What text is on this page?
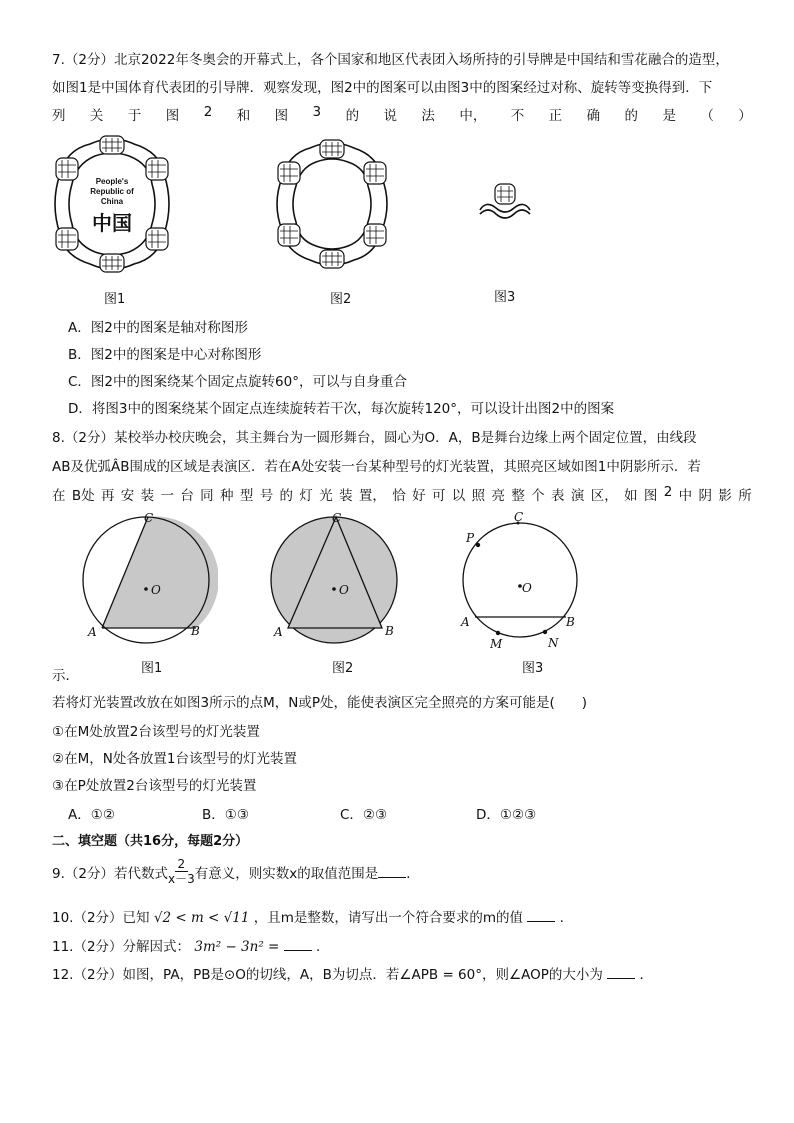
7.（2分）北京2022年冬奥会的开幕式上，各个国家和地区代表团入场所持的引导牌是中国结和雪花融合的造型，
如图1是中国体育代表团的引导牌．观察发现，图2中的图案可以由图3中的图案经过对称、旋转等变换得到．下
列 关 于 图 2 和 图 3 的 说 法 中， 不 正 确 的 是 （ ）
People's
Republic of
China
中国
图1	图2	图3
A．图2中的图案是轴对称图形
B．图2中的图案是中心对称图形
C．图2中的图案绕某个固定点旋转60°，可以与自身重合
D．将图3中的图案绕某个固定点连续旋转若干次，每次旋转120°，可以设计出图2中的图案
8.（2分）某校举办校庆晚会，其主舞台为一圆形舞台，圆心为O．A，B是舞台边缘上两个固定位置，由线段
AB及优弧ÂB围成的区域是表演区．若在A处安装一台某种型号的灯光装置，其照亮区域如图1中阴影所示．若
在 B处 再 安 装 一 台 同 种 型 号 的 灯 光 装 置， 恰 好 可 以 照 亮 整 个 表 演 区， 如 图 2 中 阴 影 所
C
O
A	B
C
O
A	B
C
P
O
A	B
M	N
示．	图1	图2	图3
若将灯光装置改放在如图3所示的点M，N或P处，能使表演区完全照亮的方案可能是(　　)
①在M处放置2台该型号的灯光装置
②在M，N处各放置1台该型号的灯光装置
③在P处放置2台该型号的灯光装置
A．①②	B．①③	C．②③	D．①②③
二、填空题（共16分，每题2分）
9.（2分）若代数式 $\frac{2}{x-3}$ 有意义，则实数x的取值范围是 ．
10.（2分）已知 √2 < m < √11 ，且m是整数，请写出一个符合要求的m的值	．
11.（2分）分解因式： 3m² − 3n² =	．
12.（2分）如图，PA，PB是⊙O的切线，A，B为切点．若∠APB = 60°，则∠AOP的大小为	．
